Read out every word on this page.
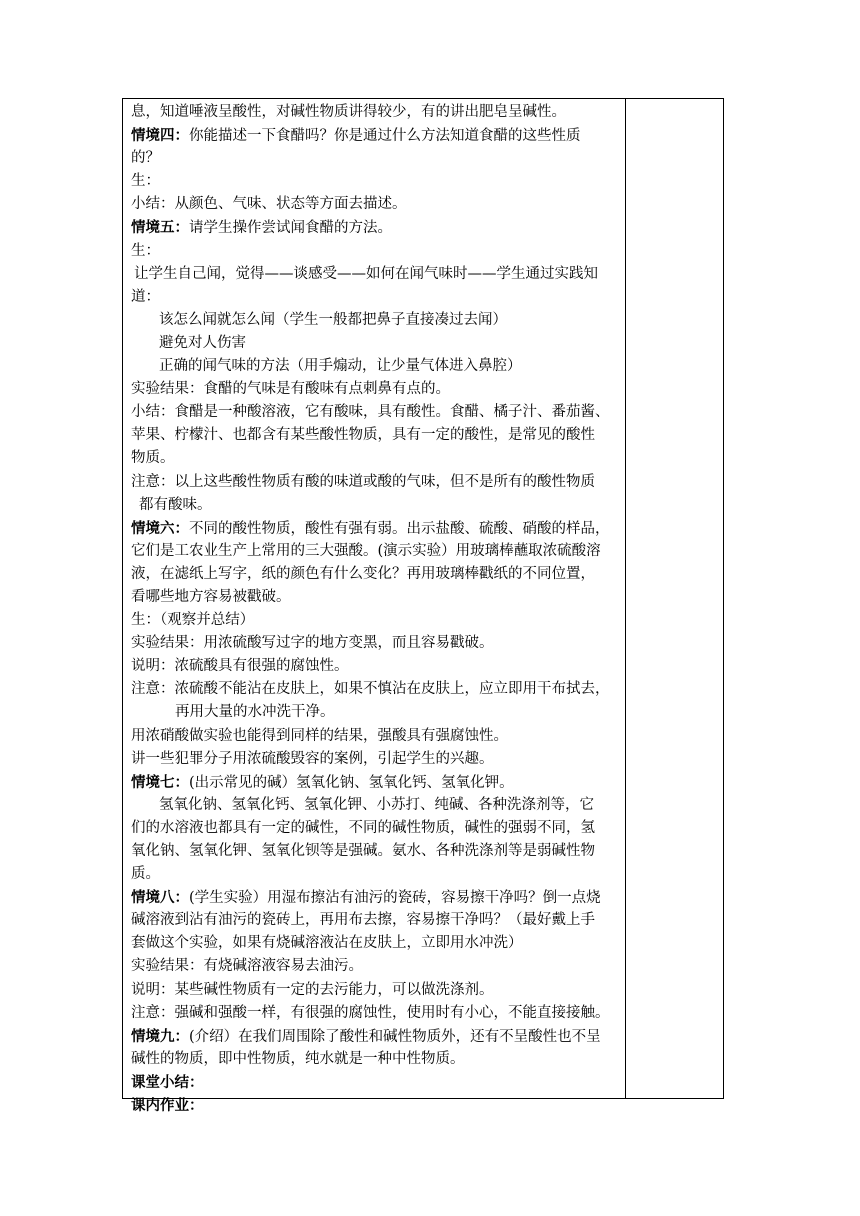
息，知道唾液呈酸性，对碱性物质讲得较少，有的讲出肥皂呈碱性。
情境四：你能描述一下食醋吗？你是通过什么方法知道食醋的这些性质
的？
生：
小结：从颜色、气味、状态等方面去描述。
情境五：请学生操作尝试闻食醋的方法。
生：
让学生自己闻，觉得——谈感受——如何在闻气味时——学生通过实践知
道：
该怎么闻就怎么闻（学生一般都把鼻子直接凑过去闻）
避免对人伤害
正确的闻气味的方法（用手煽动，让少量气体进入鼻腔）
实验结果：食醋的气味是有酸味有点刺鼻有点的。
小结：食醋是一种酸溶液，它有酸味，具有酸性。食醋、橘子汁、番茄酱、
苹果、柠檬汁、也都含有某些酸性物质，具有一定的酸性，是常见的酸性
物质。
注意：以上这些酸性物质有酸的味道或酸的气味，但不是所有的酸性物质
都有酸味。
情境六：不同的酸性物质，酸性有强有弱。出示盐酸、硫酸、硝酸的样品，
它们是工农业生产上常用的三大强酸。(演示实验）用玻璃棒蘸取浓硫酸溶
液，在滤纸上写字，纸的颜色有什么变化？再用玻璃棒戳纸的不同位置，
看哪些地方容易被戳破。
生：（观察并总结）
实验结果：用浓硫酸写过字的地方变黑，而且容易戳破。
说明：浓硫酸具有很强的腐蚀性。
注意：浓硫酸不能沾在皮肤上，如果不慎沾在皮肤上，应立即用干布拭去，
再用大量的水冲洗干净。
用浓硝酸做实验也能得到同样的结果，强酸具有强腐蚀性。
讲一些犯罪分子用浓硫酸毁容的案例，引起学生的兴趣。
情境七：(出示常见的碱）氢氧化钠、氢氧化钙、氢氧化钾。
氢氧化钠、氢氧化钙、氢氧化钾、小苏打、纯碱、各种洗涤剂等，它
们的水溶液也都具有一定的碱性，不同的碱性物质，碱性的强弱不同，氢
氧化钠、氢氧化钾、氢氧化钡等是强碱。氨水、各种洗涤剂等是弱碱性物
质。
情境八：(学生实验）用湿布擦沾有油污的瓷砖，容易擦干净吗？倒一点烧
碱溶液到沾有油污的瓷砖上，再用布去擦，容易擦干净吗？（最好戴上手
套做这个实验，如果有烧碱溶液沾在皮肤上，立即用水冲洗）
实验结果：有烧碱溶液容易去油污。
说明：某些碱性物质有一定的去污能力，可以做洗涤剂。
注意：强碱和强酸一样，有很强的腐蚀性，使用时有小心，不能直接接触。
情境九：(介绍）在我们周围除了酸性和碱性物质外，还有不呈酸性也不呈
碱性的物质，即中性物质，纯水就是一种中性物质。
课堂小结：
课内作业：
